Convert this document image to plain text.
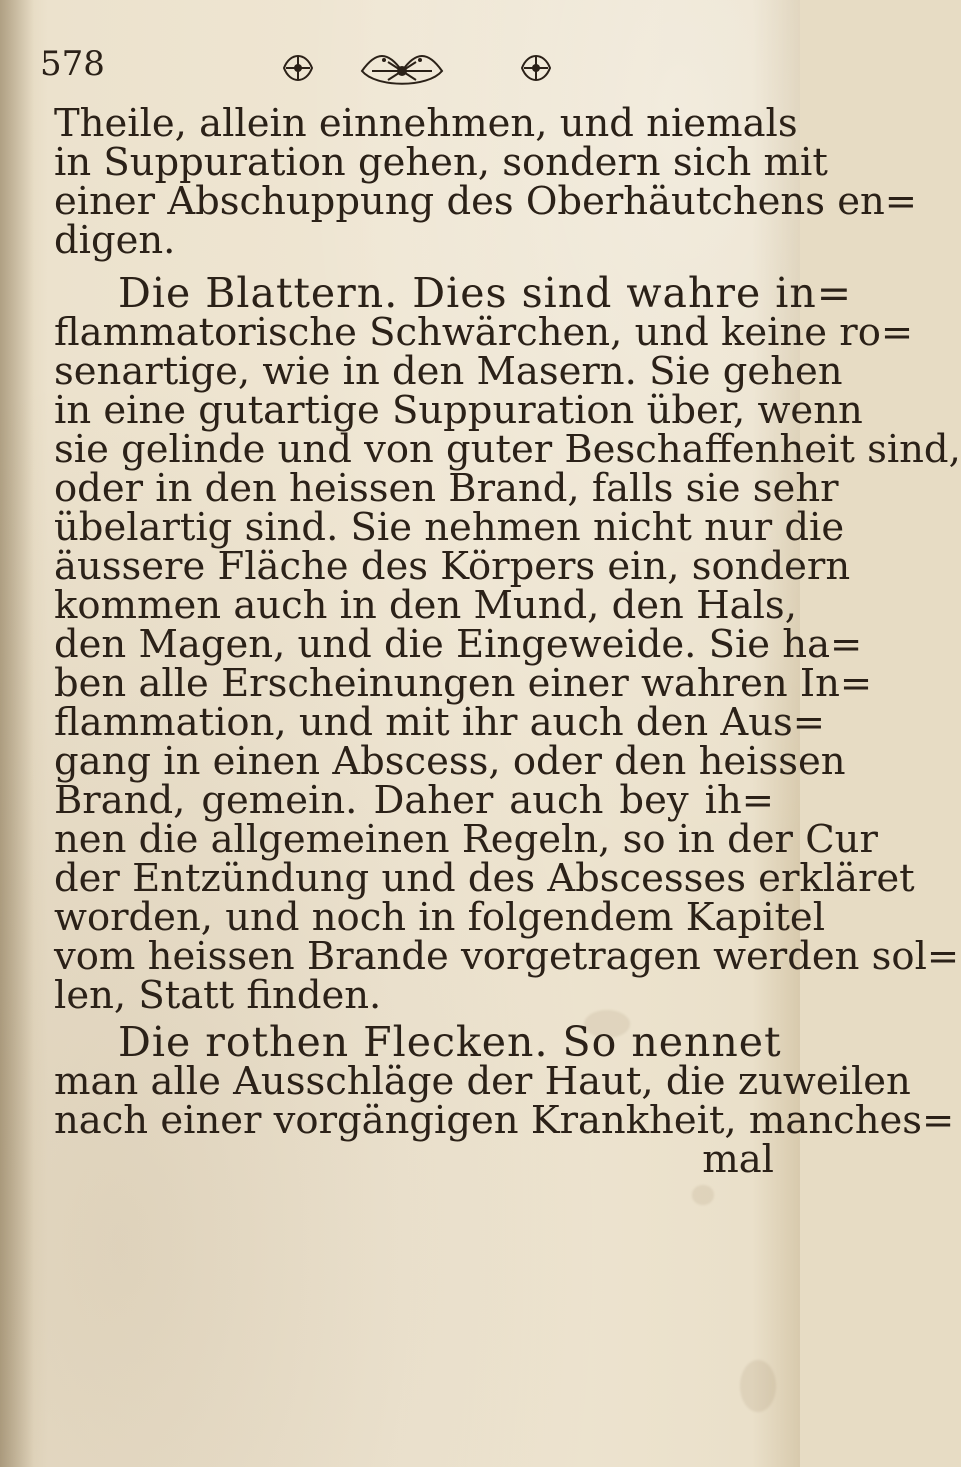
578
Theile, allein einnehmen, und niemals
in Suppuration gehen, sondern sich mit
einer Abschuppung des Oberhäutchens en=
digen.
Die Blattern. Dies sind wahre in=
flammatorische Schwärchen, und keine ro=
senartige, wie in den Masern. Sie gehen
in eine gutartige Suppuration über, wenn
sie gelinde und von guter Beschaffenheit sind,
oder in den heissen Brand, falls sie sehr
übelartig sind. Sie nehmen nicht nur die
äussere Fläche des Körpers ein, sondern
kommen auch in den Mund, den Hals,
den Magen, und die Eingeweide. Sie ha=
ben alle Erscheinungen einer wahren In=
flammation, und mit ihr auch den Aus=
gang in einen Abscess, oder den heissen
Brand, gemein. Daher auch bey ih=
nen die allgemeinen Regeln, so in der Cur
der Entzündung und des Abscesses erkläret
worden, und noch in folgendem Kapitel
vom heissen Brande vorgetragen werden sol=
len, Statt finden.
Die rothen Flecken. So nennet
man alle Ausschläge der Haut, die zuweilen
nach einer vorgängigen Krankheit, manches=
mal
